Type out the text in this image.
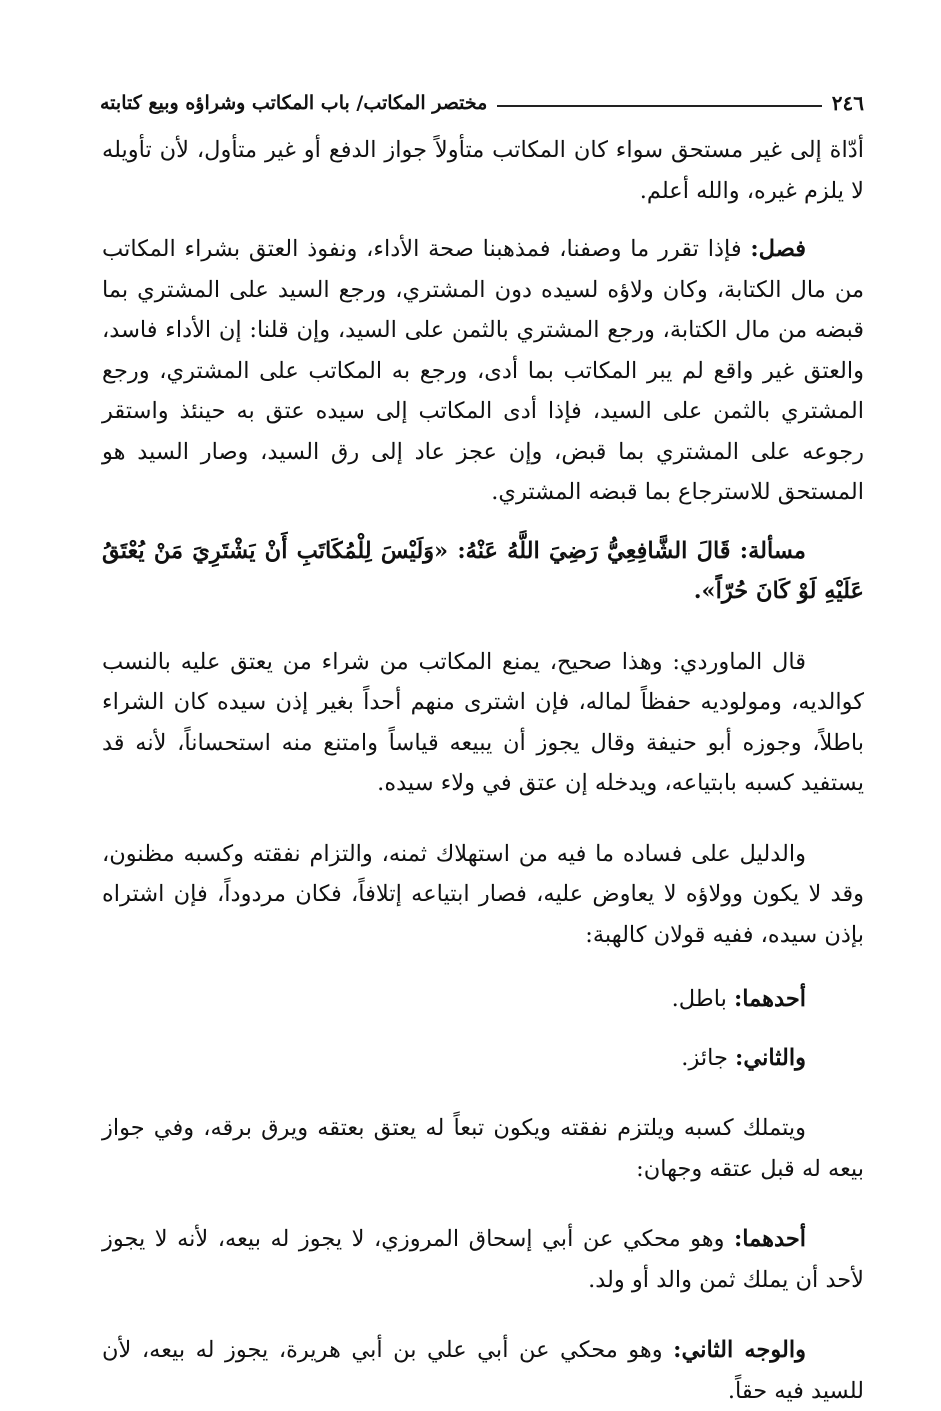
٢٤٦
مختصر المكاتب/ باب المكاتب وشراؤه وبيع كتابته

أدّاة إلى غير مستحق سواء كان المكاتب متأولاً جواز الدفع أو غير متأول، لأن تأويله لا يلزم غيره، والله أعلم.

فصل: فإذا تقرر ما وصفنا، فمذهبنا صحة الأداء، ونفوذ العتق بشراء المكاتب من مال الكتابة، وكان ولاؤه لسيده دون المشتري، ورجع السيد على المشتري بما قبضه من مال الكتابة، ورجع المشتري بالثمن على السيد، وإن قلنا: إن الأداء فاسد، والعتق غير واقع لم يبر المكاتب بما أدى، ورجع به المكاتب على المشتري، ورجع المشتري بالثمن على السيد، فإذا أدى المكاتب إلى سيده عتق به حينئذ واستقر رجوعه على المشتري بما قبض، وإن عجز عاد إلى رق السيد، وصار السيد هو المستحق للاسترجاع بما قبضه المشتري.

مسألة: قَالَ الشَّافِعِيُّ رَضِيَ اللَّهُ عَنْهُ: «وَلَيْسَ لِلْمُكَاتَبِ أَنْ يَشْتَرِيَ مَنْ يُعْتَقُ عَلَيْهِ لَوْ كَانَ حُرّاً».

قال الماوردي: وهذا صحيح، يمنع المكاتب من شراء من يعتق عليه بالنسب كوالديه، ومولوديه حفظاً لماله، فإن اشترى منهم أحداً بغير إذن سيده كان الشراء باطلاً، وجوزه أبو حنيفة وقال يجوز أن يبيعه قياساً وامتنع منه استحساناً، لأنه قد يستفيد كسبه بابتياعه، ويدخله إن عتق في ولاء سيده.

والدليل على فساده ما فيه من استهلاك ثمنه، والتزام نفقته وكسبه مظنون، وقد لا يكون وولاؤه لا يعاوض عليه، فصار ابتياعه إتلافاً، فكان مردوداً، فإن اشتراه بإذن سيده، ففيه قولان كالهبة:

أحدهما: باطل.

والثاني: جائز.

ويتملك كسبه ويلتزم نفقته ويكون تبعاً له يعتق بعتقه ويرق برقه، وفي جواز بيعه له قبل عتقه وجهان:

أحدهما: وهو محكي عن أبي إسحاق المروزي، لا يجوز له بيعه، لأنه لا يجوز لأحد أن يملك ثمن والد أو ولد.

والوجه الثاني: وهو محكي عن أبي علي بن أبي هريرة، يجوز له بيعه، لأن للسيد فيه حقاً.
